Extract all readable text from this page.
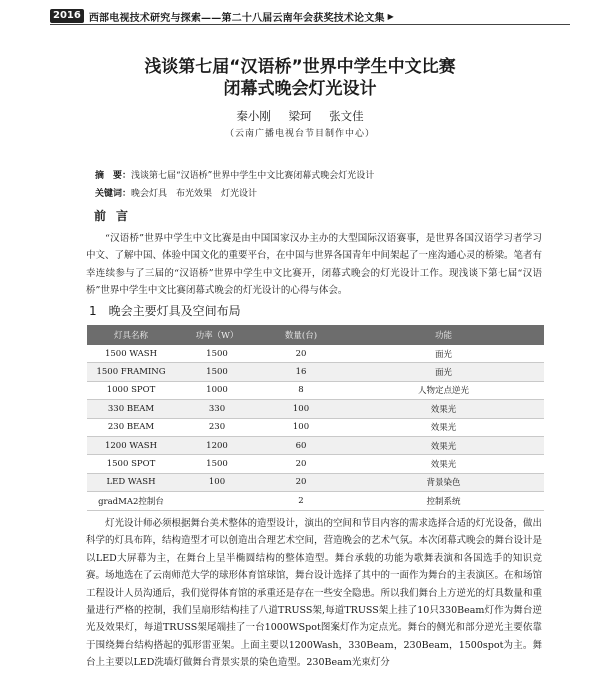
2016 西部电视技术研究与探索——第二十八届云南年会获奖技术论文集 ▶
浅谈第七届“汉语桥”世界中学生中文比赛
闭幕式晚会灯光设计
秦小刚 梁珂 张文佳
（云南广播电视台节目制作中心）
摘　要：浅谈第七届“汉语桥”世界中学生中文比赛闭幕式晚会灯光设计
关键词：晚会灯具　布光效果　灯光设计
前言
“汉语桥”世界中学生中文比赛是由中国国家汉办主办的大型国际汉语赛事，是世界各国汉语学习者学习中文、了解中国、体验中国文化的重要平台，在中国与世界各国青年中间架起了一座沟通心灵的桥梁。笔者有幸连续参与了三届的“汉语桥”世界中学生中文比赛开，闭幕式晚会的灯光设计工作。现浅谈下第七届“汉语桥”世界中学生中文比赛闭幕式晚会的灯光设计的心得与体会。
1 晚会主要灯具及空间布局
灯具名称	功率（W）	数量(台)	功能
1500 WASH	1500	20	面光
1500 FRAMING	1500	16	面光
1000 SPOT	1000	8	人物定点逆光
330 BEAM	330	100	效果光
230 BEAM	230	100	效果光
1200 WASH	1200	60	效果光
1500 SPOT	1500	20	效果光
LED WASH	100	20	背景染色
gradMA2控制台		2	控制系统
灯光设计师必须根据舞台美术整体的造型设计，演出的空间和节目内容的需求选择合适的灯光设备，做出科学的灯具布阵，结构造型才可以创造出合理艺术空间，营造晚会的艺术气氛。本次闭幕式晚会的舞台设计是以LED大屏幕为主，在舞台上呈半椭圆结构的整体造型。舞台承载的功能为歌舞表演和各国选手的知识竞赛。场地选在了云南师范大学的球形体育馆球馆，舞台设计选择了其中的一面作为舞台的主表演区。在和场馆工程设计人员沟通后，我们觉得体育馆的承重还是存在一些安全隐患。所以我们舞台上方逆光的灯具数量和重量进行严格的控制，我们呈扇形结构挂了八道TRUSS架,每道TRUSS架上挂了10只330Beam灯作为舞台逆光及效果灯，每道TRUSS架尾端挂了一台1000WSpot图案灯作为定点光。舞台的侧光和部分逆光主要依靠于围绕舞台结构搭起的弧形雷亚架。上面主要以1200Wash，330Beam，230Beam，1500spot为主。舞台上主要以LED洗墙灯做舞台背景实景的染色造型。230Beam光束灯分
